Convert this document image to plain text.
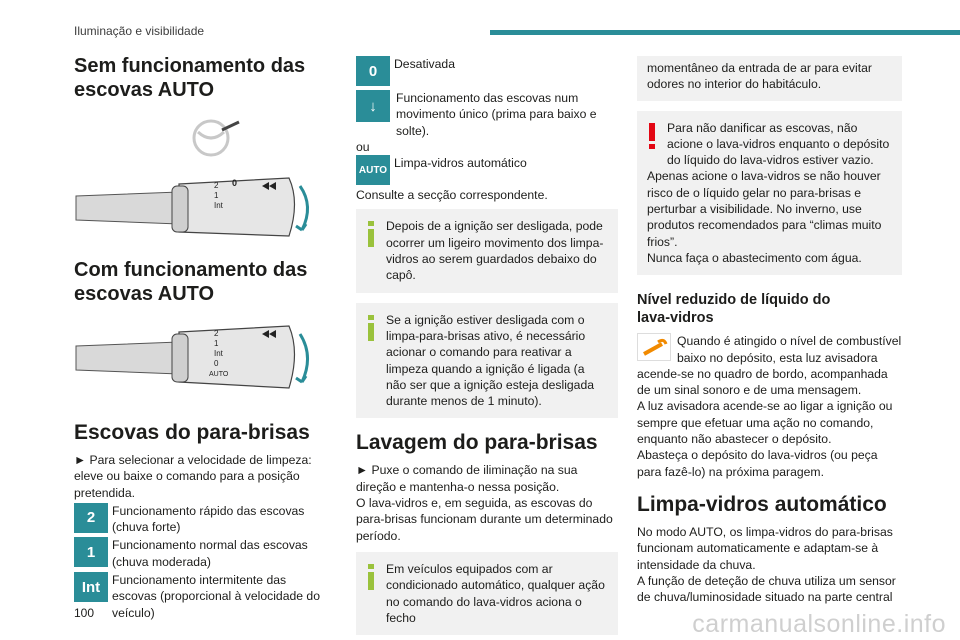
Iluminação e visibilidade
Sem funcionamento das escovas AUTO
2
1
Int
0
Com funcionamento das escovas AUTO
2
1
Int
0
AUTO
Escovas do para-brisas

► Para selecionar a velocidade de limpeza: eleve ou baixe o comando para a posição pretendida.

2	Funcionamento rápido das escovas (chuva forte)
1	Funcionamento normal das escovas (chuva moderada)
Int Funcionamento intermitente das escovas (proporcional à velocidade do veículo)
0	Desativada
↓	Funcionamento das escovas num movimento único (prima para baixo e solte).

ou

AUTO Limpa-vidros automático

Consulte a secção correspondente.

Depois de a ignição ser desligada, pode ocorrer um ligeiro movimento dos limpa-vidros ao serem guardados debaixo do capô.

Se a ignição estiver desligada com o limpa-para-brisas ativo, é necessário acionar o comando para reativar a limpeza quando a ignição é ligada (a não ser que a ignição esteja desligada durante menos de 1 minuto).

Lavagem do para-brisas

► Puxe o comando de iliminação na sua direção e mantenha-o nessa posição.

O lava-vidros e, em seguida, as escovas do para-brisas funcionam durante um determinado período.

Em veículos equipados com ar condicionado automático, qualquer ação no comando do lava-vidros aciona o fecho

momentâneo da entrada de ar para evitar odores no interior do habitáculo.

Para não danificar as escovas, não acione o lava-vidros enquanto o depósito do líquido do lava-vidros estiver vazio.

Apenas acione o lava-vidros se não houver risco de o líquido gelar no para-brisas e perturbar a visibilidade. No inverno, use produtos recomendados para “climas muito frios”.

Nunca faça o abastecimento com água.

Nível reduzido de líquido do lava-vidros

Quando é atingido o nível de combustível baixo no depósito, esta luz avisadora acende-se no quadro de bordo, acompanhada de um sinal sonoro e de uma mensagem.

A luz avisadora acende-se ao ligar a ignição ou sempre que efetuar uma ação no comando, enquanto não abastecer o depósito.

Abasteça o depósito do lava-vidros (ou peça para fazê-lo) na próxima paragem.

Limpa-vidros automático

No modo AUTO, os limpa-vidros do para-brisas funcionam automaticamente e adaptam-se à intensidade da chuva.

A função de deteção de chuva utiliza um sensor de chuva/luminosidade situado na parte central

100	carmanualsonline.info
